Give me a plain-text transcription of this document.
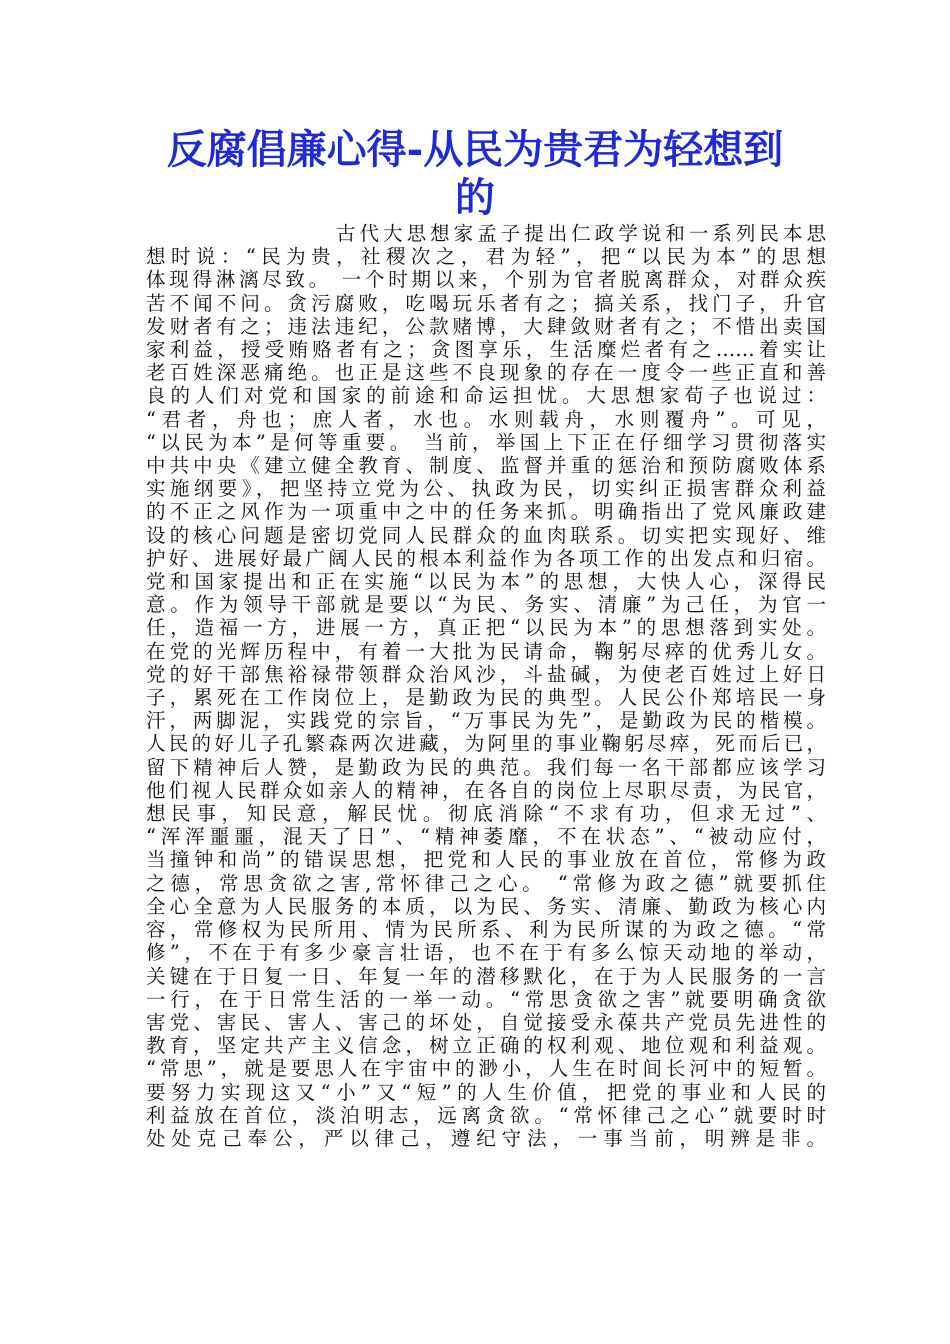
反腐倡廉心得-从民为贵君为轻想到
的
古代大思想家孟子提出仁政学说和一系列民本思
想时说：“民为贵，社稷次之，君为轻”，把“以民为本”的思想
体现得淋漓尽致。 一个时期以来，个别为官者脱离群众，对群众疾
苦不闻不问。贪污腐败，吃喝玩乐者有之；搞关系，找门子，升官
发财者有之；违法违纪，公款赌博，大肆敛财者有之；不惜出卖国
家利益，授受贿赂者有之；贪图享乐，生活糜烂者有之……着实让
老百姓深恶痛绝。也正是这些不良现象的存在一度令一些正直和善
良的人们对党和国家的前途和命运担忧。大思想家荀子也说过：
“君者，舟也；庶人者，水也。水则载舟，水则覆舟”。可见，
“以民为本”是何等重要。 当前，举国上下正在仔细学习贯彻落实
中共中央《建立健全教育、制度、监督并重的惩治和预防腐败体系
实施纲要》，把坚持立党为公、执政为民，切实纠正损害群众利益
的不正之风作为一项重中之中的任务来抓。明确指出了党风廉政建
设的核心问题是密切党同人民群众的血肉联系。切实把实现好、维
护好、进展好最广阔人民的根本利益作为各项工作的出发点和归宿。
党和国家提出和正在实施“以民为本”的思想，大快人心，深得民
意。作为领导干部就是要以“为民、务实、清廉”为己任，为官一
任，造福一方，进展一方，真正把“以民为本”的思想落到实处。
在党的光辉历程中，有着一大批为民请命，鞠躬尽瘁的优秀儿女。
党的好干部焦裕禄带领群众治风沙，斗盐碱，为使老百姓过上好日
子，累死在工作岗位上，是勤政为民的典型。人民公仆郑培民一身
汗，两脚泥，实践党的宗旨，“万事民为先”，是勤政为民的楷模。
人民的好儿子孔繁森两次进藏，为阿里的事业鞠躬尽瘁，死而后已，
留下精神后人赞，是勤政为民的典范。我们每一名干部都应该学习
他们视人民群众如亲人的精神，在各自的岗位上尽职尽责，为民官，
想民事，知民意，解民忧。彻底消除“不求有功，但求无过”、
“浑浑噩噩，混天了日”、“精神萎靡，不在状态”、“被动应付，
当撞钟和尚”的错误思想，把党和人民的事业放在首位，常修为政
之德，常思贪欲之害,常怀律己之心。 “常修为政之德”就要抓住
全心全意为人民服务的本质，以为民、务实、清廉、勤政为核心内
容，常修权为民所用、情为民所系、利为民所谋的为政之德。“常
修”，不在于有多少豪言壮语，也不在于有多么惊天动地的举动，
关键在于日复一日、年复一年的潜移默化，在于为人民服务的一言
一行，在于日常生活的一举一动。“常思贪欲之害”就要明确贪欲
害党、害民、害人、害己的坏处，自觉接受永葆共产党员先进性的
教育，坚定共产主义信念，树立正确的权利观、地位观和利益观。
“常思”，就是要思人在宇宙中的渺小，人生在时间长河中的短暂。
要努力实现这又“小”又“短”的人生价值，把党的事业和人民的
利益放在首位，淡泊明志，远离贪欲。“常怀律己之心”就要时时
处处克己奉公，严以律己，遵纪守法，一事当前，明辨是非。
